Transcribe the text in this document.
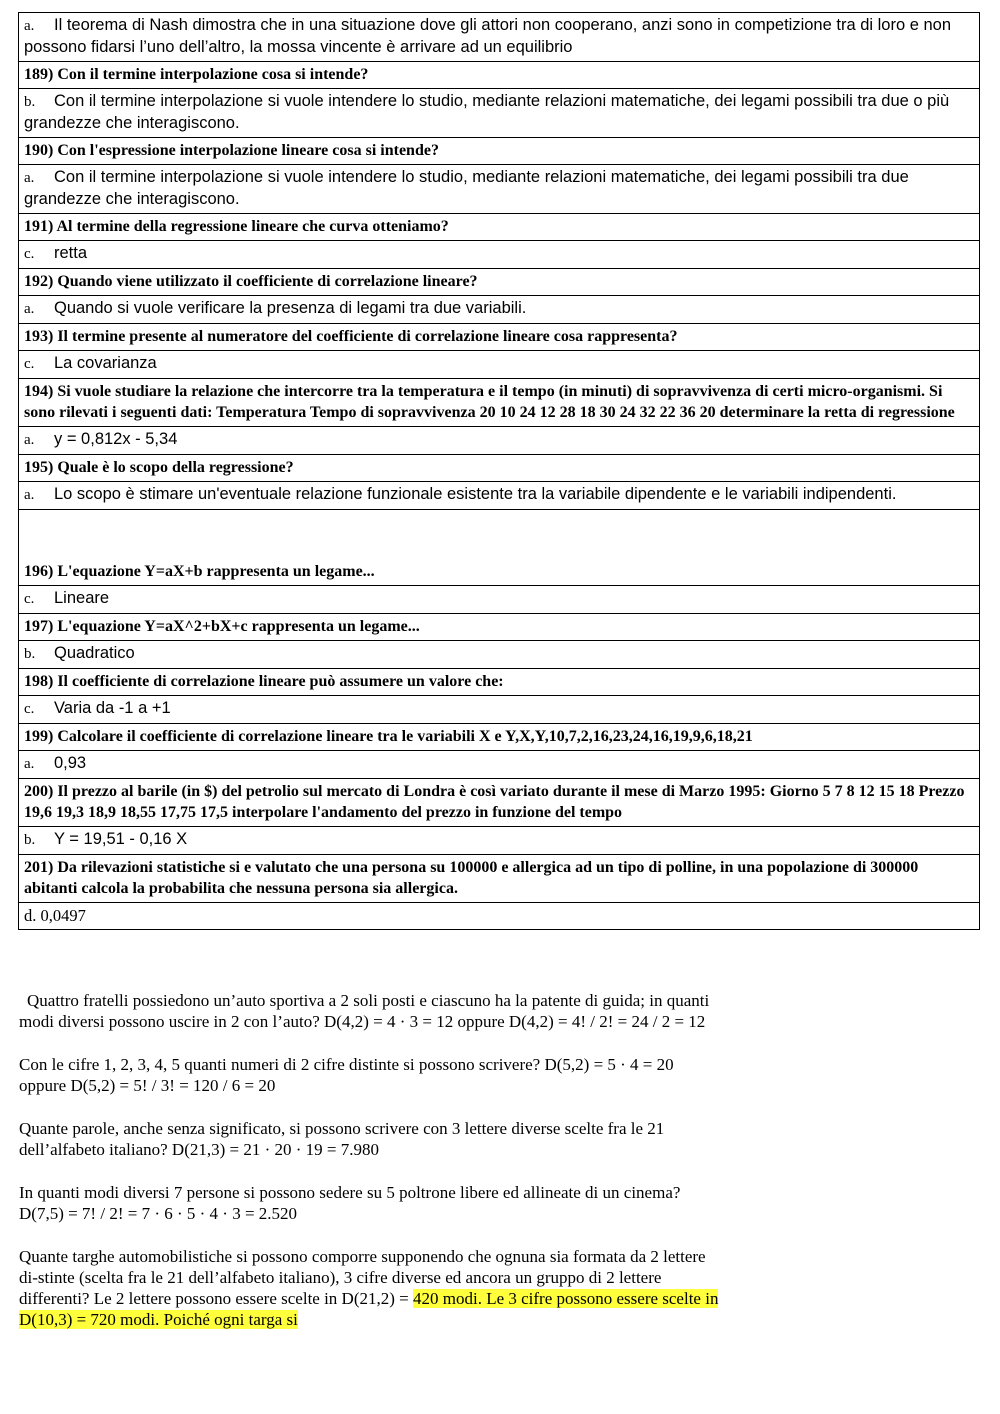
a. Il teorema di Nash dimostra che in una situazione dove gli attori non cooperano, anzi sono in competizione tra di loro e non possono fidarsi l’uno dell’altro, la mossa vincente è arrivare ad un equilibrio
189) Con il termine interpolazione cosa si intende?
b. Con il termine interpolazione si vuole intendere lo studio, mediante relazioni matematiche, dei legami possibili tra due o più grandezze che interagiscono.
190) Con l'espressione interpolazione lineare cosa si intende?
a. Con il termine interpolazione si vuole intendere lo studio, mediante relazioni matematiche, dei legami possibili tra due grandezze che interagiscono.
191) Al termine della regressione lineare che curva otteniamo?
c. retta
192) Quando viene utilizzato il coefficiente di correlazione lineare?
a. Quando si vuole verificare la presenza di legami tra due variabili.
193) Il termine presente al numeratore del coefficiente di correlazione lineare cosa rappresenta?
c. La covarianza
194) Si vuole studiare la relazione che intercorre tra la temperatura e il tempo (in minuti) di sopravvivenza di certi micro-organismi. Si sono rilevati i seguenti dati: Temperatura Tempo di sopravvivenza 20 10 24 12 28 18 30 24 32 22 36 20 determinare la retta di regressione
a. y = 0,812x - 5,34
195) Quale è lo scopo della regressione?
a. Lo scopo è stimare un'eventuale relazione funzionale esistente tra la variabile dipendente e le variabili indipendenti.

196) L'equazione Y=aX+b rappresenta un legame...
c. Lineare
197) L'equazione Y=aX^2+bX+c rappresenta un legame...
b. Quadratico
198) Il coefficiente di correlazione lineare può assumere un valore che:
c. Varia da -1 a +1
199) Calcolare il coefficiente di correlazione lineare tra le variabili X e Y,X,Y,10,7,2,16,23,24,16,19,9,6,18,21
a. 0,93
200) Il prezzo al barile (in $) del petrolio sul mercato di Londra è così variato durante il mese di Marzo 1995: Giorno 5 7 8 12 15 18 Prezzo 19,6 19,3 18,9 18,55 17,75 17,5 interpolare l'andamento del prezzo in funzione del tempo
b. Y = 19,51 - 0,16 X
201) Da rilevazioni statistiche si e valutato che una persona su 100000 e allergica ad un tipo di polline, in una popolazione di 300000 abitanti calcola la probabilita che nessuna persona sia allergica.
d. 0,0497

Quattro fratelli possiedono un’auto sportiva a 2 soli posti e ciascuno ha la patente di guida; in quanti modi diversi possono uscire in 2 con l’auto? D(4,2) = 4 · 3 = 12 oppure D(4,2) = 4! / 2! = 24 / 2 = 12

Con le cifre 1, 2, 3, 4, 5 quanti numeri di 2 cifre distinte si possono scrivere? D(5,2) = 5 · 4 = 20 oppure D(5,2) = 5! / 3! = 120 / 6 = 20

Quante parole, anche senza significato, si possono scrivere con 3 lettere diverse scelte fra le 21 dell’alfabeto italiano? D(21,3) = 21 · 20 · 19 = 7.980

In quanti modi diversi 7 persone si possono sedere su 5 poltrone libere ed allineate di un cinema? D(7,5) = 7! / 2! = 7 · 6 · 5 · 4 · 3 = 2.520

Quante targhe automobilistiche si possono comporre supponendo che ognuna sia formata da 2 lettere di-stinte (scelta fra le 21 dell’alfabeto italiano), 3 cifre diverse ed ancora un gruppo di 2 lettere differenti? Le 2 lettere possono essere scelte in D(21,2) = 420 modi. Le 3 cifre possono essere scelte in D(10,3) = 720 modi. Poiché ogni targa si
